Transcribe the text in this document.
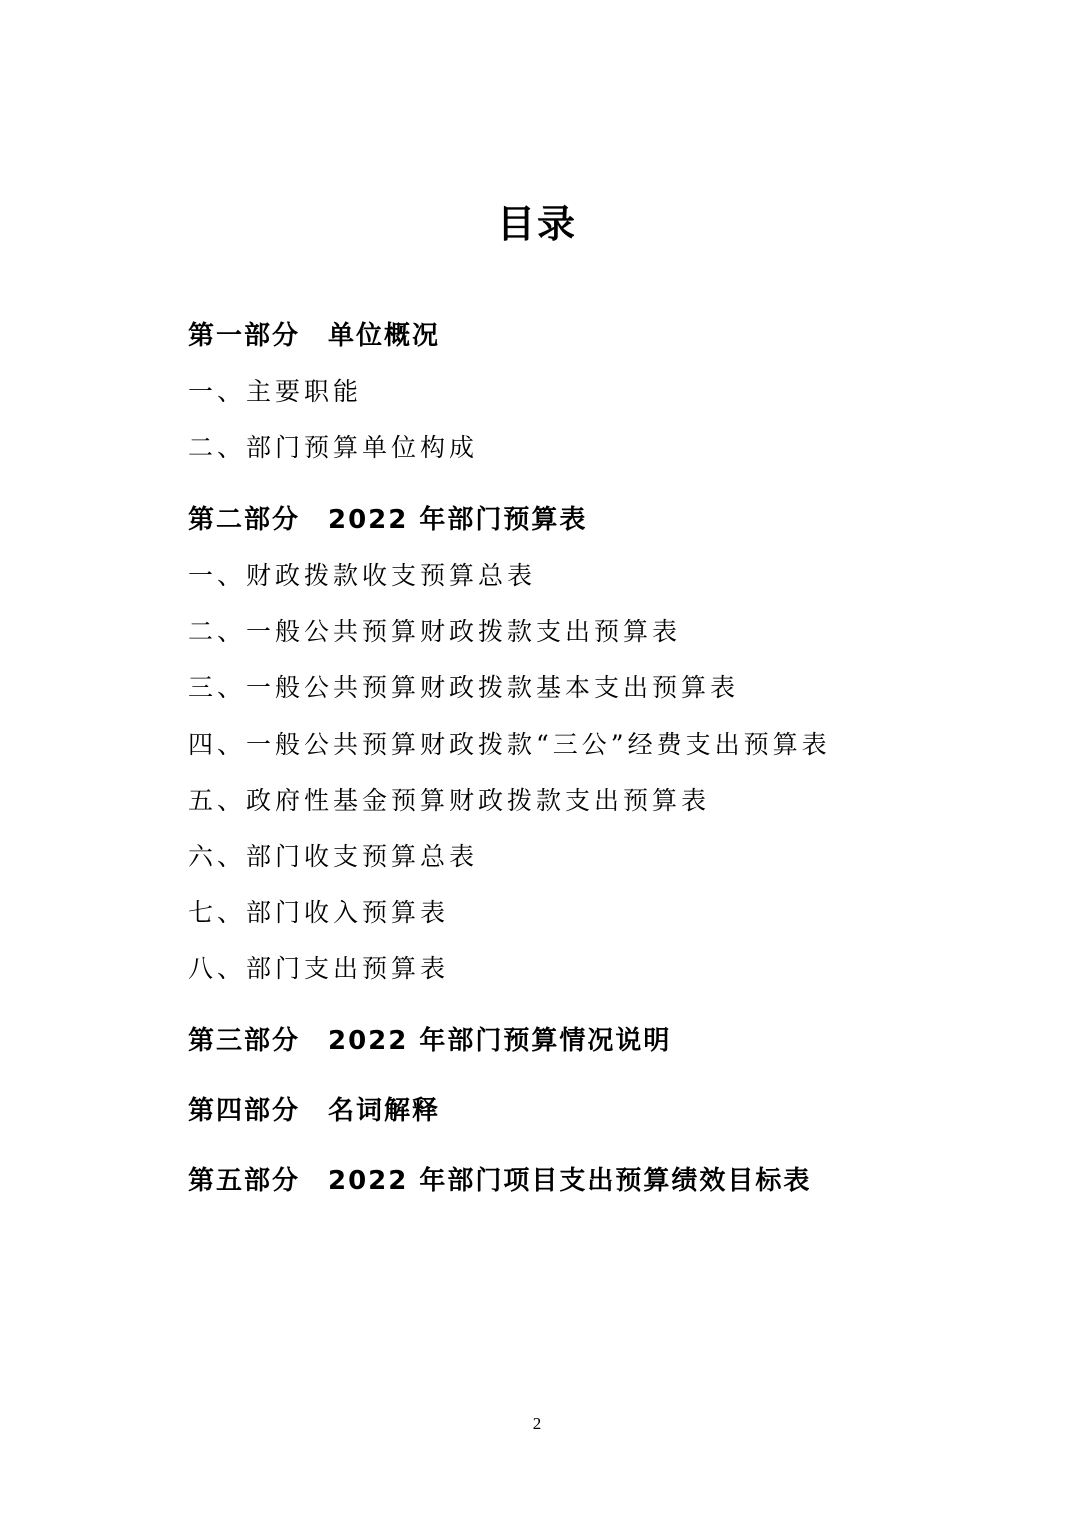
目录
第一部分 单位概况
一、主要职能
二、部门预算单位构成
第二部分 2022 年部门预算表
一、财政拨款收支预算总表
二、一般公共预算财政拨款支出预算表
三、一般公共预算财政拨款基本支出预算表
四、一般公共预算财政拨款“三公”经费支出预算表
五、政府性基金预算财政拨款支出预算表
六、部门收支预算总表
七、部门收入预算表
八、部门支出预算表
第三部分 2022 年部门预算情况说明
第四部分 名词解释
第五部分 2022 年部门项目支出预算绩效目标表
2
